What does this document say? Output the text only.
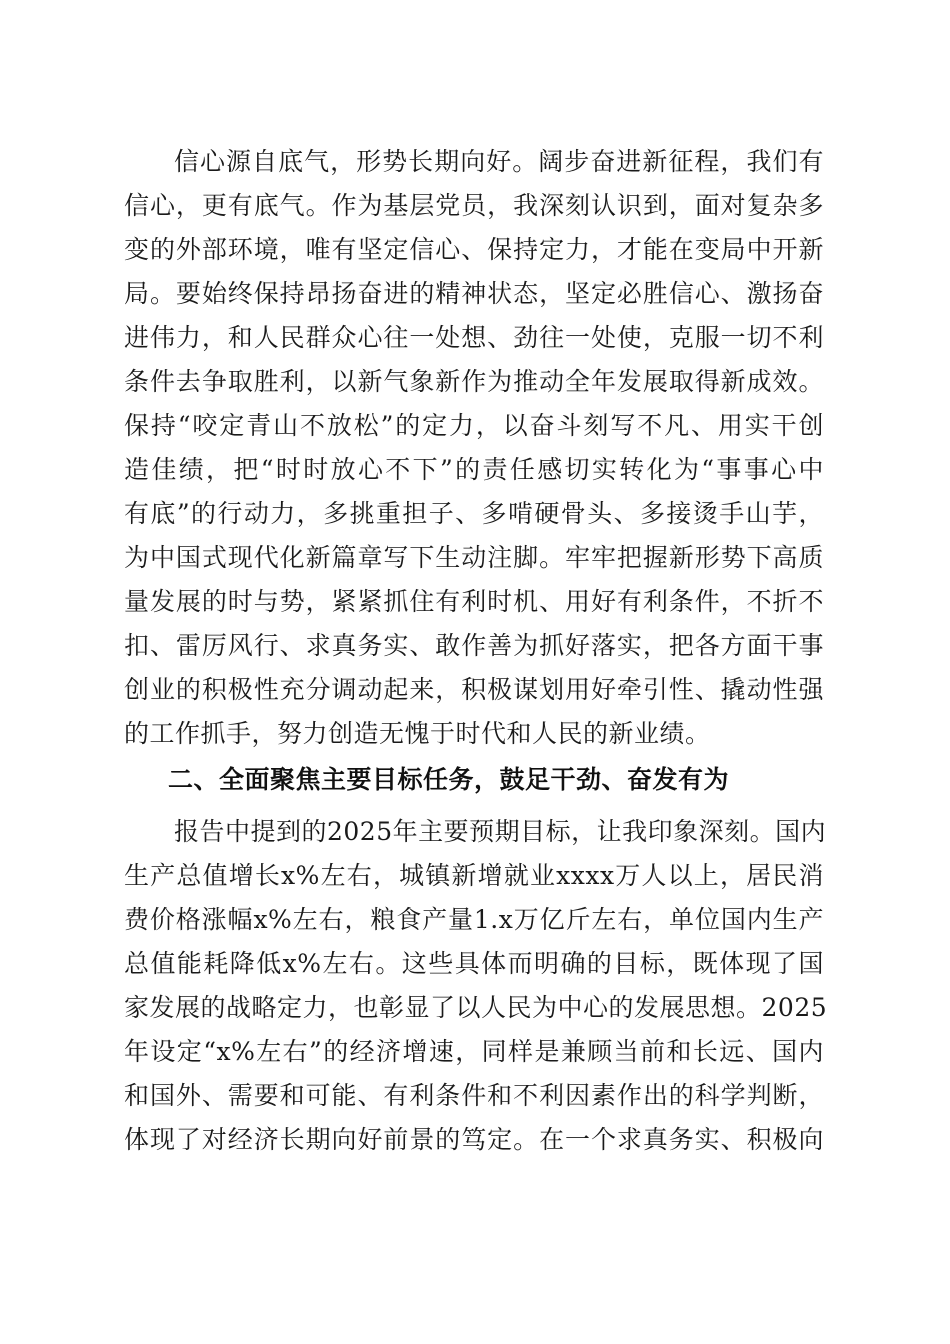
信心源自底气，形势长期向好。阔步奋进新征程，我们有
信心，更有底气。作为基层党员，我深刻认识到，面对复杂多
变的外部环境，唯有坚定信心、保持定力，才能在变局中开新
局。要始终保持昂扬奋进的精神状态，坚定必胜信心、激扬奋
进伟力，和人民群众心往一处想、劲往一处使，克服一切不利
条件去争取胜利，以新气象新作为推动全年发展取得新成效。
保持“咬定青山不放松”的定力，以奋斗刻写不凡、用实干创
造佳绩，把“时时放心不下”的责任感切实转化为“事事心中
有底”的行动力，多挑重担子、多啃硬骨头、多接烫手山芋，
为中国式现代化新篇章写下生动注脚。牢牢把握新形势下高质
量发展的时与势，紧紧抓住有利时机、用好有利条件，不折不
扣、雷厉风行、求真务实、敢作善为抓好落实，把各方面干事
创业的积极性充分调动起来，积极谋划用好牵引性、撬动性强
的工作抓手，努力创造无愧于时代和人民的新业绩。
二、全面聚焦主要目标任务，鼓足干劲、奋发有为
报告中提到的2025年主要预期目标，让我印象深刻。国内
生产总值增长x%左右，城镇新增就业xxxx万人以上，居民消
费价格涨幅x%左右，粮食产量1.x万亿斤左右，单位国内生产
总值能耗降低x%左右。这些具体而明确的目标，既体现了国
家发展的战略定力，也彰显了以人民为中心的发展思想。2025
年设定“x%左右”的经济增速，同样是兼顾当前和长远、国内
和国外、需要和可能、有利条件和不利因素作出的科学判断，
体现了对经济长期向好前景的笃定。在一个求真务实、积极向
